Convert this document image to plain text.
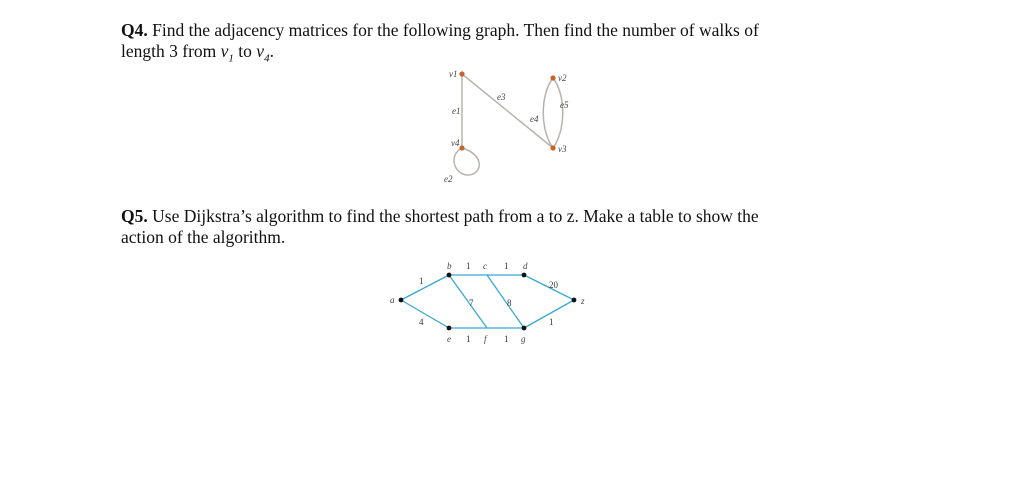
Q4. Find the adjacency matrices for the following graph. Then find the number of walks of
length 3 from $v_1$ to $v_4$.
v1	v2
v3
v4
e1
e2
e3
e4
e5
Q5. Use Dijkstra’s algorithm to find the shortest path from a to z. Make a table to show the
action of the algorithm.
a
b	c	d
e	f	g
z
1
4
1	1
1	1
7	8
20
1
